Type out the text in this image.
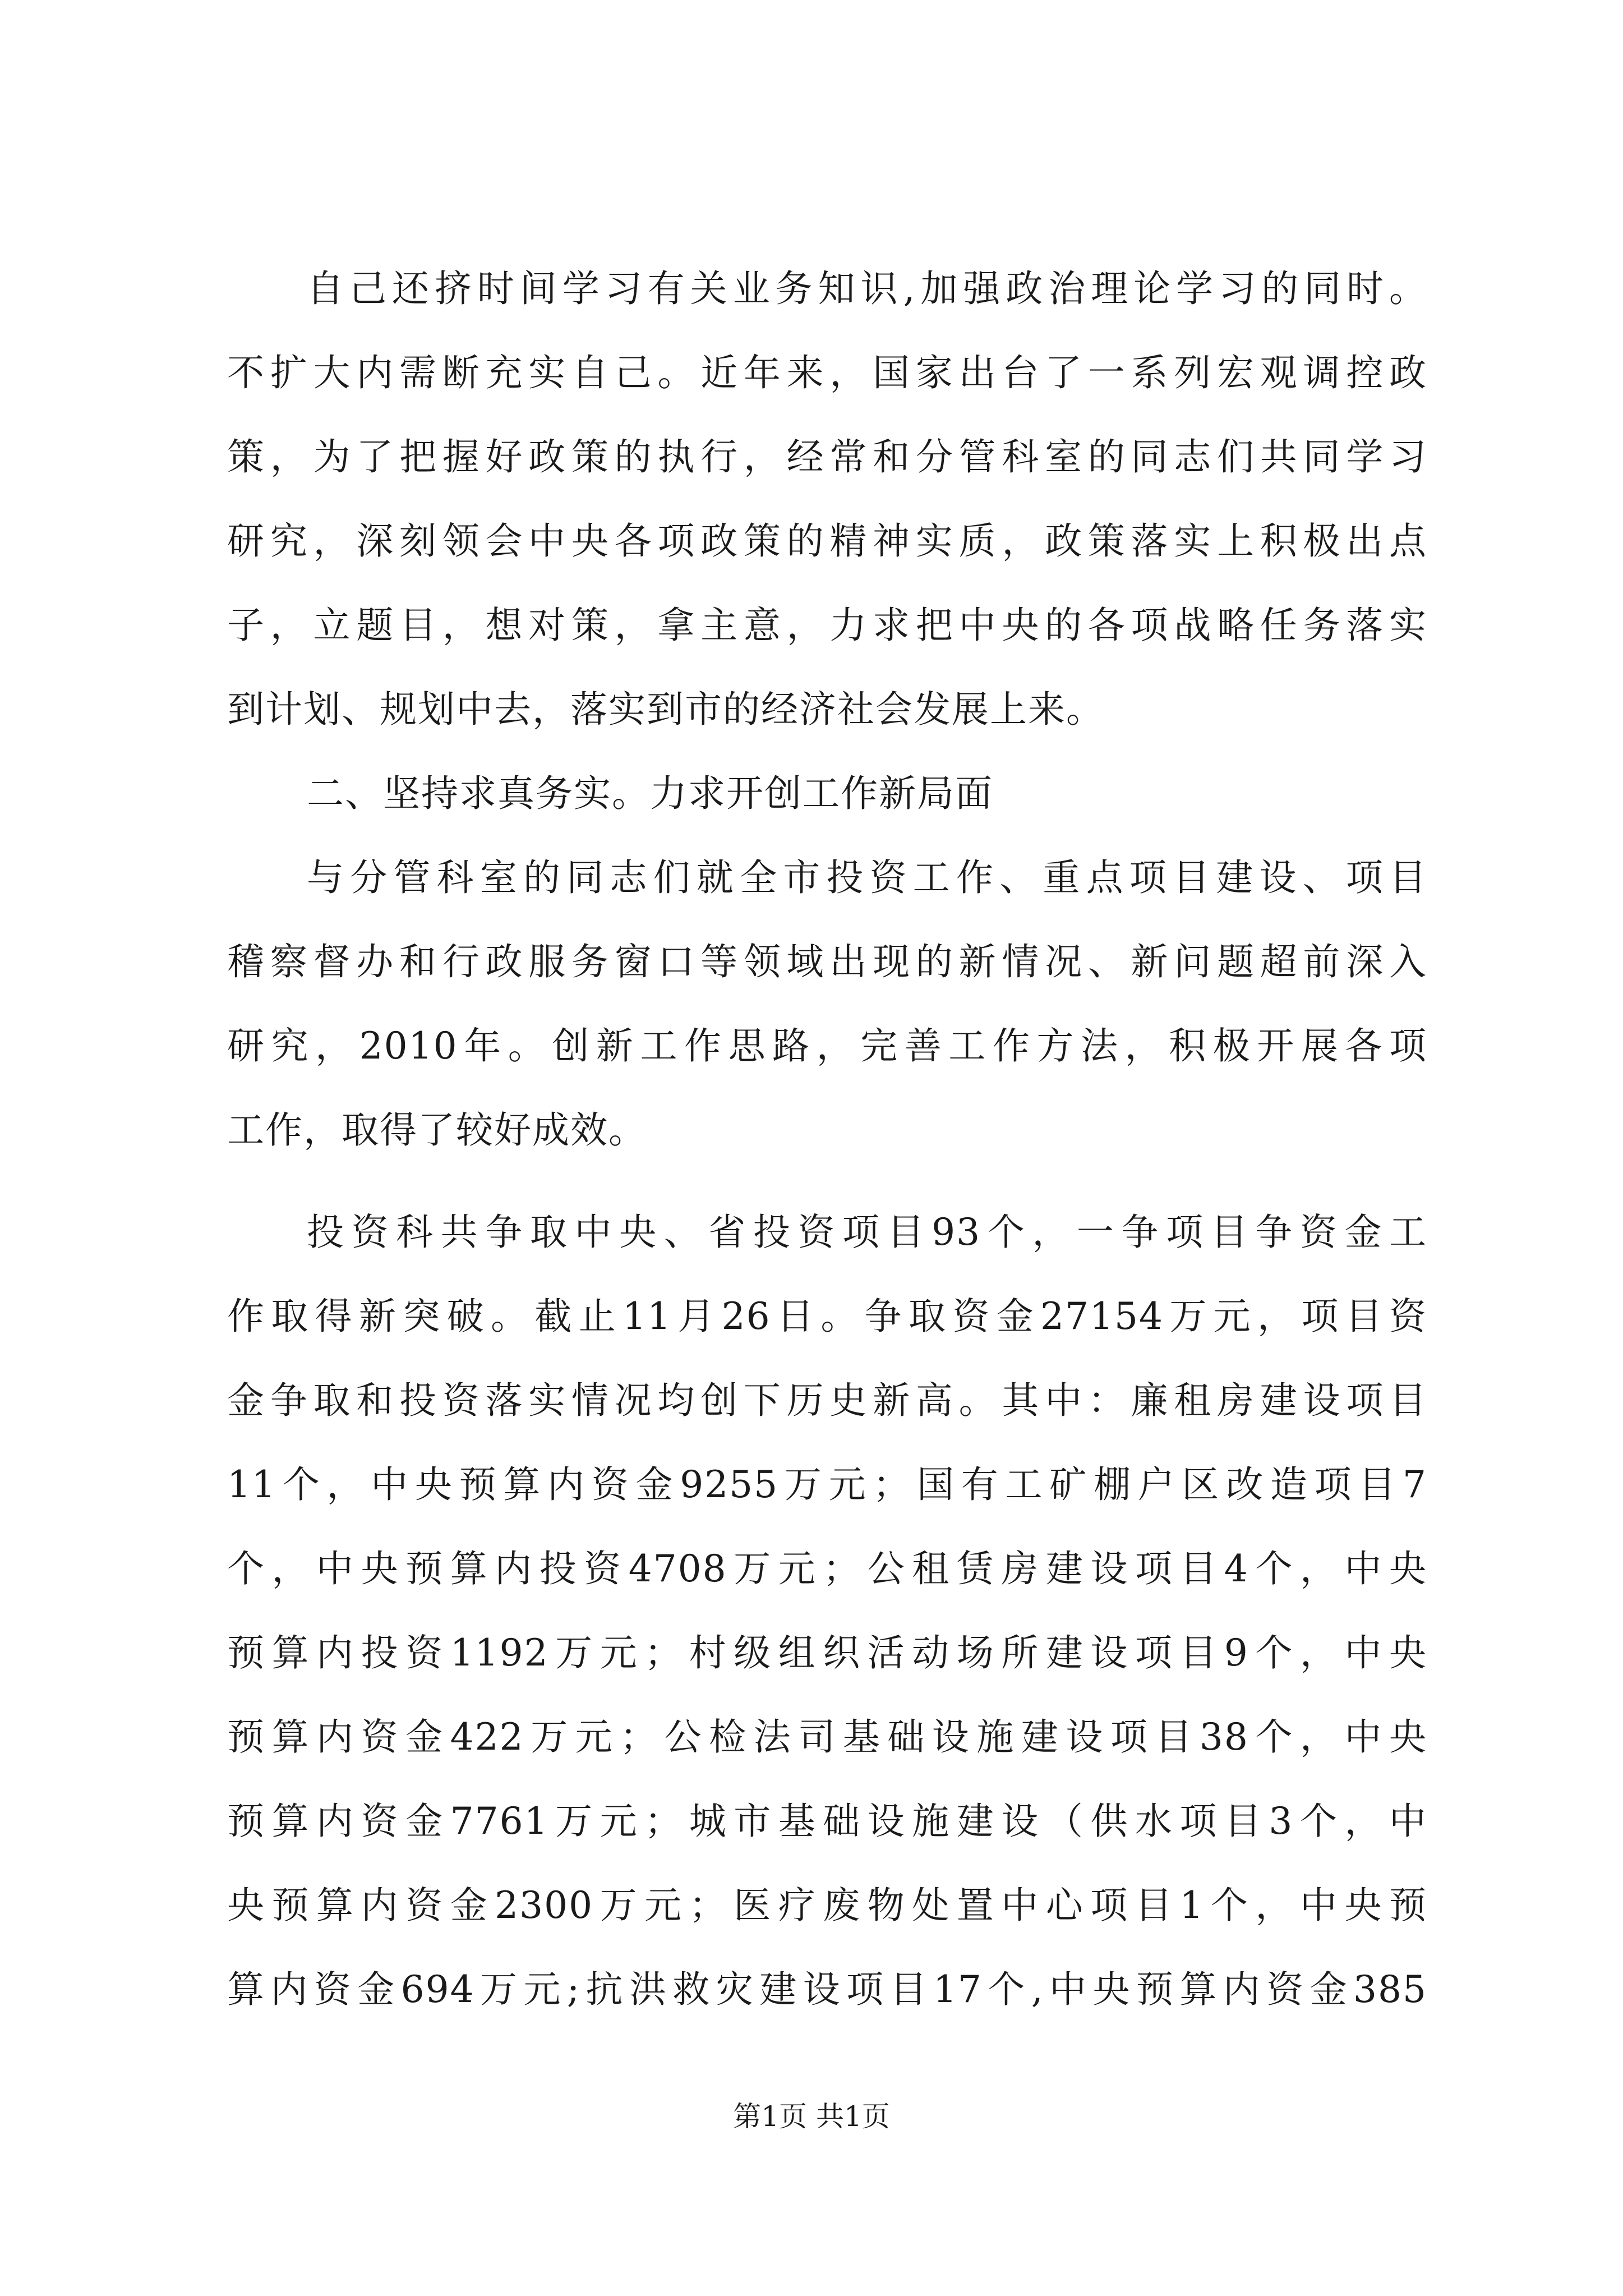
自己还挤时间学习有关业务知识,加强政治理论学习的同时。
不扩大内需断充实自己。近年来，国家出台了一系列宏观调控政
策，为了把握好政策的执行，经常和分管科室的同志们共同学习
研究，深刻领会中央各项政策的精神实质，政策落实上积极出点
子，立题目，想对策，拿主意，力求把中央的各项战略任务落实
到计划、规划中去，落实到市的经济社会发展上来。
二、坚持求真务实。力求开创工作新局面
与分管科室的同志们就全市投资工作、重点项目建设、项目
稽察督办和行政服务窗口等领域出现的新情况、新问题超前深入
研究，2010年。创新工作思路，完善工作方法，积极开展各项
工作，取得了较好成效。
投资科共争取中央、省投资项目93个，一争项目争资金工
作取得新突破。截止11月26日。争取资金27154万元，项目资
金争取和投资落实情况均创下历史新高。其中：廉租房建设项目
11个，中央预算内资金9255万元；国有工矿棚户区改造项目7
个，中央预算内投资4708万元；公租赁房建设项目4个，中央
预算内投资1192万元；村级组织活动场所建设项目9个，中央
预算内资金422万元；公检法司基础设施建设项目38个，中央
预算内资金7761万元；城市基础设施建设（供水项目3个，中
央预算内资金2300万元；医疗废物处置中心项目1个，中央预
算内资金694万元;抗洪救灾建设项目17个,中央预算内资金385
第1页 共1页
